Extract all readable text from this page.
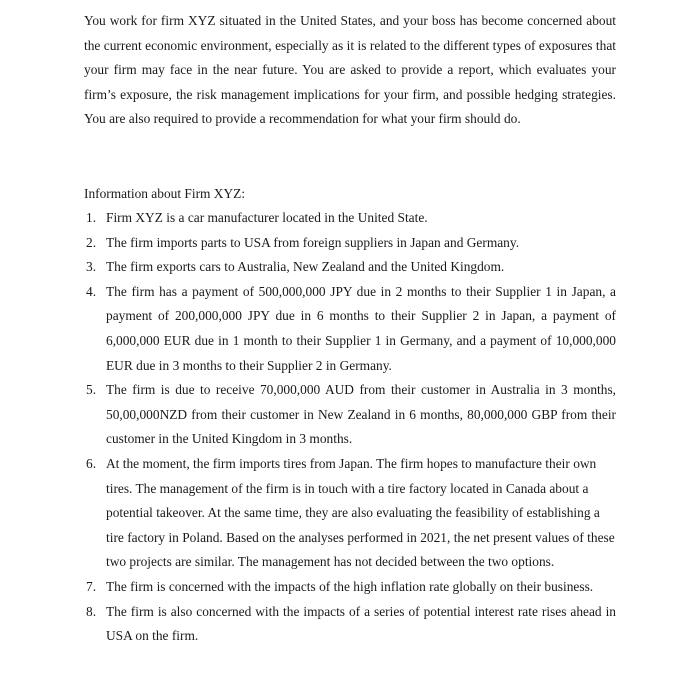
You work for firm XYZ situated in the United States, and your boss has become concerned about the current economic environment, especially as it is related to the different types of exposures that your firm may face in the near future. You are asked to provide a report, which evaluates your firm’s exposure, the risk management implications for your firm, and possible hedging strategies. You are also required to provide a recommendation for what your firm should do.

Information about Firm XYZ:

1. Firm XYZ is a car manufacturer located in the United State.
2. The firm imports parts to USA from foreign suppliers in Japan and Germany.
3. The firm exports cars to Australia, New Zealand and the United Kingdom.
4. The firm has a payment of 500,000,000 JPY due in 2 months to their Supplier 1 in Japan, a payment of 200,000,000 JPY due in 6 months to their Supplier 2 in Japan, a payment of 6,000,000 EUR due in 1 month to their Supplier 1 in Germany, and a payment of 10,000,000 EUR due in 3 months to their Supplier 2 in Germany.
5. The firm is due to receive 70,000,000 AUD from their customer in Australia in 3 months, 50,00,000NZD from their customer in New Zealand in 6 months, 80,000,000 GBP from their customer in the United Kingdom in 3 months.
6. At the moment, the firm imports tires from Japan. The firm hopes to manufacture their own tires. The management of the firm is in touch with a tire factory located in Canada about a potential takeover. At the same time, they are also evaluating the feasibility of establishing a tire factory in Poland. Based on the analyses performed in 2021, the net present values of these two projects are similar. The management has not decided between the two options.
7. The firm is concerned with the impacts of the high inflation rate globally on their business.
8. The firm is also concerned with the impacts of a series of potential interest rate rises ahead in USA on the firm.
